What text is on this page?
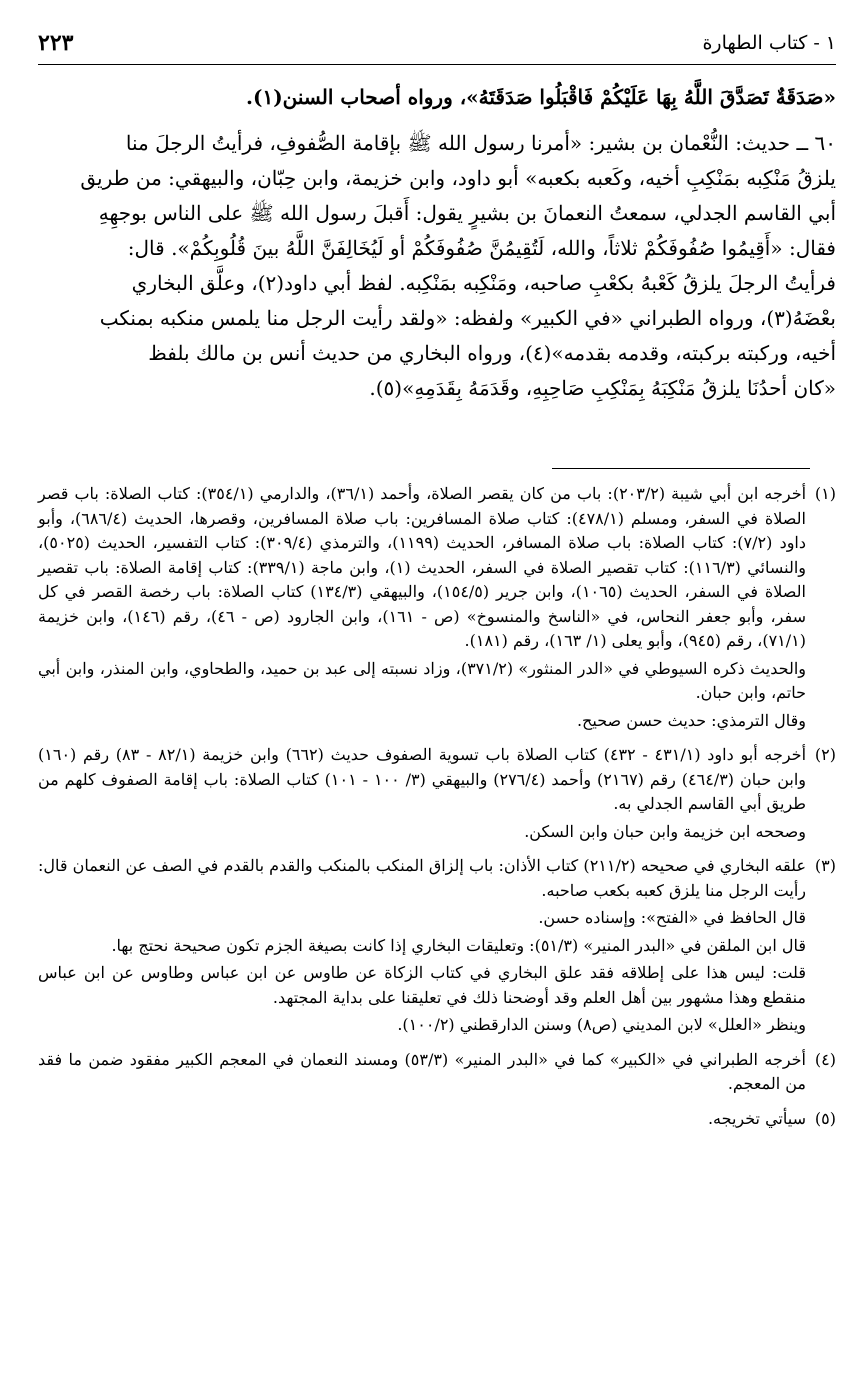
١ - كتاب الطهارة
٢٢٣

«صَدَقَةٌ تَصَدَّقَ اللَّهُ بِهَا عَلَيْكُمْ فَاقْبَلُوا صَدَقَتَهُ»، ورواه أصحاب السنن(١).

٦٠ ــ حديث: النُّعْمان بن بشير: «أمرنا رسول الله ﷺ بإقامة الصُّفوفِ، فرأيتُ الرجلَ منا

يلزقُ مَنْكِبه بمَنْكِبِ أخيه، وكَعبه بكعبه» أبو داود، وابن خزيمة، وابن حِبّان، والبيهقي: من طريق

أبي القاسم الجدلي، سمعتُ النعمانَ بن بشيرٍ يقول: أَقبلَ رسول الله ﷺ على الناس بوجهِهِ

فقال: «أَقِيمُوا صُفُوفَكُمْ ثلاثاً، والله، لَتُقِيمُنَّ صُفُوفَكُمْ أو لَيُخَالِفَنَّ اللَّهُ بينَ قُلُوبِكُمْ». قال:

فرأيتُ الرجلَ يلزقُ كَعْبهُ بكعْبِ صاحبه، ومَنْكِبه بمَنْكِبه. لفظ أبي داود(٢)، وعلَّق البخاري

بعْضَهُ(٣)، ورواه الطبراني «في الكبير» ولفظه: «ولقد رأيت الرجل منا يلمس منكبه بمنكب

أخيه، وركبته بركبته، وقدمه بقدمه»(٤)، ورواه البخاري من حديث أنس بن مالك بلفظ

«كان أحدُنَا يلزقُ مَنْكِبَهُ بِمَنْكِبِ صَاحِبِهِ، وقَدَمَهُ بِقَدَمِهِ»(٥).

(١)

أخرجه ابن أبي شيبة (٢٠٣/٢): باب من كان يقصر الصلاة، وأحمد (٣٦/١)، والدارمي (٣٥٤/١): كتاب الصلاة: باب قصر الصلاة في السفر، ومسلم (٤٧٨/١): كتاب صلاة المسافرين: باب صلاة المسافرين، وقصرها، الحديث (٦٨٦/٤)، وأبو داود (٧/٢): كتاب الصلاة: باب صلاة المسافر، الحديث (١١٩٩)، والترمذي (٣٠٩/٤): كتاب التفسير، الحديث (٥٠٢٥)، والنسائي (١١٦/٣): كتاب تقصير الصلاة في السفر، الحديث (١)، وابن ماجة (٣٣٩/١): كتاب إقامة الصلاة: باب تقصير الصلاة في السفر، الحديث (١٠٦٥)، وابن جرير (١٥٤/٥)، والبيهقي (١٣٤/٣) كتاب الصلاة: باب رخصة القصر في كل سفر، وأبو جعفر النحاس، في «الناسخ والمنسوخ» (ص - ١٦١)، وابن الجارود (ص - ٤٦)، رقم (١٤٦)، وابن خزيمة (٧١/١)، رقم (٩٤٥)، وأبو يعلى (١/ ١٦٣)، رقم (١٨١).

والحديث ذكره السيوطي في «الدر المنثور» (٣٧١/٢)، وزاد نسبته إلى عبد بن حميد، والطحاوي، وابن المنذر، وابن أبي حاتم، وابن حبان.

وقال الترمذي: حديث حسن صحيح.

(٢)

أخرجه أبو داود (٤٣١/١ - ٤٣٢) كتاب الصلاة باب تسوية الصفوف حديث (٦٦٢) وابن خزيمة (٨٢/١ - ٨٣) رقم (١٦٠) وابن حبان (٤٦٤/٣) رقم (٢١٦٧) وأحمد (٢٧٦/٤) والبيهقي (٣/ ١٠٠ - ١٠١) كتاب الصلاة: باب إقامة الصفوف كلهم من طريق أبي القاسم الجدلي به.

وصححه ابن خزيمة وابن حبان وابن السكن.

(٣)

علقه البخاري في صحيحه (٢١١/٢) كتاب الأذان: باب إلزاق المنكب بالمنكب والقدم بالقدم في الصف عن النعمان قال: رأيت الرجل منا يلزق كعبه بكعب صاحبه.

قال الحافظ في «الفتح»: وإسناده حسن.

قال ابن الملقن في «البدر المنير» (٥١/٣): وتعليقات البخاري إذا كانت بصيغة الجزم تكون صحيحة نحتج بها.

قلت: ليس هذا على إطلاقه فقد علق البخاري في كتاب الزكاة عن طاوس عن ابن عباس وطاوس عن ابن عباس منقطع وهذا مشهور بين أهل العلم وقد أوضحنا ذلك في تعليقنا على بداية المجتهد.

وينظر «العلل» لابن المديني (ص٨) وسنن الدارقطني (١٠٠/٢).

(٤)

أخرجه الطبراني في «الكبير» كما في «البدر المنير» (٥٣/٣) ومسند النعمان في المعجم الكبير مفقود ضمن ما فقد من المعجم.

(٥)

سيأتي تخريجه.
